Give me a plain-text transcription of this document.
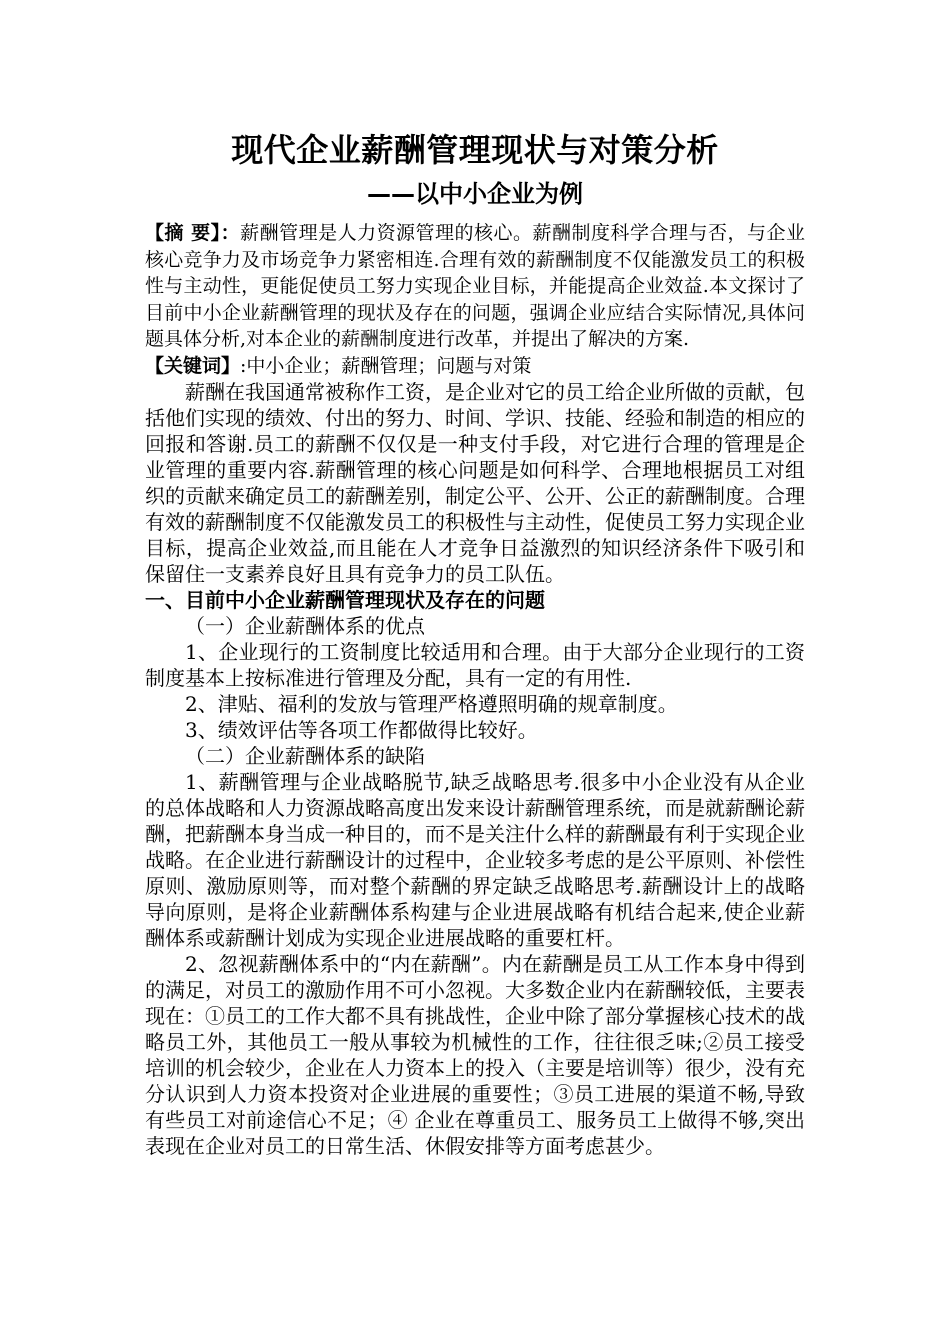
现代企业薪酬管理现状与对策分析
——以中小企业为例

【摘 要】：薪酬管理是人力资源管理的核心。薪酬制度科学合理与否，与企业核心竞争力及市场竞争力紧密相连.合理有效的薪酬制度不仅能激发员工的积极性与主动性，更能促使员工努力实现企业目标，并能提高企业效益.本文探讨了目前中小企业薪酬管理的现状及存在的问题，强调企业应结合实际情况,具体问题具体分析,对本企业的薪酬制度进行改革，并提出了解决的方案.

【关键词】:中小企业；薪酬管理；问题与对策

薪酬在我国通常被称作工资，是企业对它的员工给企业所做的贡献，包括他们实现的绩效、付出的努力、时间、学识、技能、经验和制造的相应的回报和答谢.员工的薪酬不仅仅是一种支付手段，对它进行合理的管理是企业管理的重要内容.薪酬管理的核心问题是如何科学、合理地根据员工对组织的贡献来确定员工的薪酬差别，制定公平、公开、公正的薪酬制度。合理有效的薪酬制度不仅能激发员工的积极性与主动性，促使员工努力实现企业目标，提高企业效益,而且能在人才竞争日益激烈的知识经济条件下吸引和保留住一支素养良好且具有竞争力的员工队伍。

一、目前中小企业薪酬管理现状及存在的问题

（一）企业薪酬体系的优点

1、企业现行的工资制度比较适用和合理。由于大部分企业现行的工资制度基本上按标准进行管理及分配，具有一定的有用性.

2、津贴、福利的发放与管理严格遵照明确的规章制度。

3、绩效评估等各项工作都做得比较好。

（二）企业薪酬体系的缺陷

1、薪酬管理与企业战略脱节,缺乏战略思考.很多中小企业没有从企业的总体战略和人力资源战略高度出发来设计薪酬管理系统，而是就薪酬论薪酬，把薪酬本身当成一种目的，而不是关注什么样的薪酬最有利于实现企业战略。在企业进行薪酬设计的过程中，企业较多考虑的是公平原则、补偿性原则、激励原则等，而对整个薪酬的界定缺乏战略思考.薪酬设计上的战略导向原则，是将企业薪酬体系构建与企业进展战略有机结合起来,使企业薪酬体系或薪酬计划成为实现企业进展战略的重要杠杆。

2、忽视薪酬体系中的“内在薪酬”。内在薪酬是员工从工作本身中得到的满足，对员工的激励作用不可小忽视。大多数企业内在薪酬较低，主要表现在：①员工的工作大都不具有挑战性，企业中除了部分掌握核心技术的战略员工外，其他员工一般从事较为机械性的工作，往往很乏味;②员工接受培训的机会较少，企业在人力资本上的投入（主要是培训等）很少，没有充分认识到人力资本投资对企业进展的重要性；③员工进展的渠道不畅,导致有些员工对前途信心不足；④ 企业在尊重员工、服务员工上做得不够,突出表现在企业对员工的日常生活、休假安排等方面考虑甚少。
